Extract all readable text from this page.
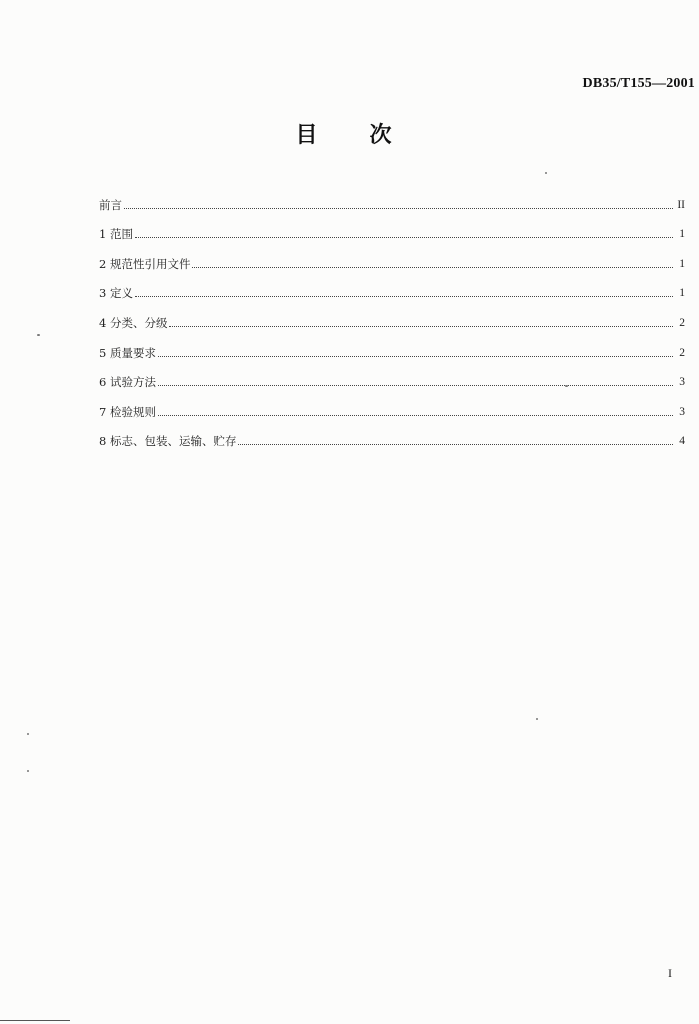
DB35/T155—2001
目次
前言	II
1 范围	1
2 规范性引用文件	1
3 定义	1
4 分类、分级	2
5 质量要求	2
6 试验方法	3
7 检验规则	3
8 标志、包装、运输、贮存	4
I
